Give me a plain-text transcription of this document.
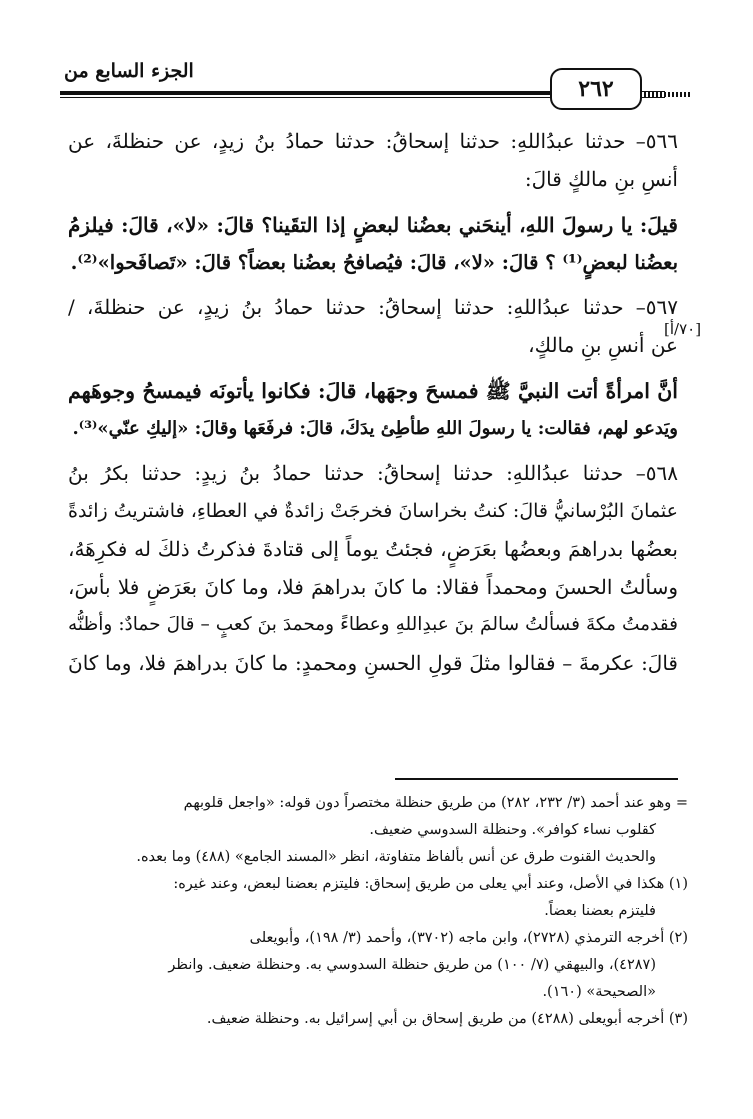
الجزء السابع من
٢٦٢
[٧٠/أ]
٥٦٦– حدثنا عبدُاللهِ: حدثنا إسحاقُ: حدثنا حمادُ بنُ زيدٍ، عن حنظلةَ، عن
أنسِ بنِ مالكٍ قالَ:
قيلَ: يا رسولَ اللهِ، أينحَني بعضُنا لبعضٍ إذا التقَينا؟ قالَ: «لا»، قالَ: فيلزمُ
بعضُنا لبعضٍ⁽¹⁾ ؟ قالَ: «لا»، قالَ: فيُصافحُ بعضُنا بعضاً؟ قالَ: «تَصافَحوا»⁽²⁾.
٥٦٧– حدثنا عبدُاللهِ: حدثنا إسحاقُ: حدثنا حمادُ بنُ زيدٍ، عن حنظلةَ، /
عن أنسِ بنِ مالكٍ،
أنَّ امرأةً أتت النبيَّ ﷺ فمسحَ وجهَها، قالَ: فكانوا يأتونَه فيمسحُ وجوهَهم
ويَدعو لهم، فقالت: يا رسولَ اللهِ طأطِئ يدَكَ، قالَ: فرفَعَها وقالَ: «إليكِ عنّي»⁽³⁾.
٥٦٨– حدثنا عبدُاللهِ: حدثنا إسحاقُ: حدثنا حمادُ بنُ زيدٍ: حدثنا بكرُ بنُ
عثمانَ البُرْسانيُّ قالَ: كنتُ بخراسانَ فخرجَتْ زائدةٌ في العطاءِ، فاشتريتُ زائدةً
بعضُها بدراهمَ وبعضُها بعَرَضٍ، فجئتُ يوماً إلى قتادةَ فذكرتُ ذلكَ له فكرِهَهُ،
وسألتُ الحسنَ ومحمداً فقالا: ما كانَ بدراهمَ فلا، وما كانَ بعَرَضٍ فلا بأسَ،
فقدمتُ مكةَ فسألتُ سالمَ بنَ عبدِاللهِ وعطاءً ومحمدَ بنَ كعبٍ – قالَ حمادٌ: وأظنُّه
قالَ: عكرمةَ – فقالوا مثلَ قولِ الحسنِ ومحمدٍ: ما كانَ بدراهمَ فلا، وما كانَ
= وهو عند أحمد (٣/ ٢٣٢، ٢٨٢) من طريق حنظلة مختصراً دون قوله: «واجعل قلوبهم
كقلوب نساء كوافر». وحنظلة السدوسي ضعيف.
والحديث القنوت طرق عن أنس بألفاظ متفاوتة، انظر «المسند الجامع» (٤٨٨) وما بعده.
(١) هكذا في الأصل، وعند أبي يعلى من طريق إسحاق: فليتزم بعضنا لبعض، وعند غيره:
فليتزم بعضنا بعضاً.
(٢) أخرجه الترمذي (٢٧٢٨)، وابن ماجه (٣٧٠٢)، وأحمد (٣/ ١٩٨)، وأبويعلى
(٤٢٨٧)، والبيهقي (٧/ ١٠٠) من طريق حنظلة السدوسي به. وحنظلة ضعيف. وانظر
«الصحيحة» (١٦٠).
(٣) أخرجه أبويعلى (٤٢٨٨) من طريق إسحاق بن أبي إسرائيل به. وحنظلة ضعيف.
